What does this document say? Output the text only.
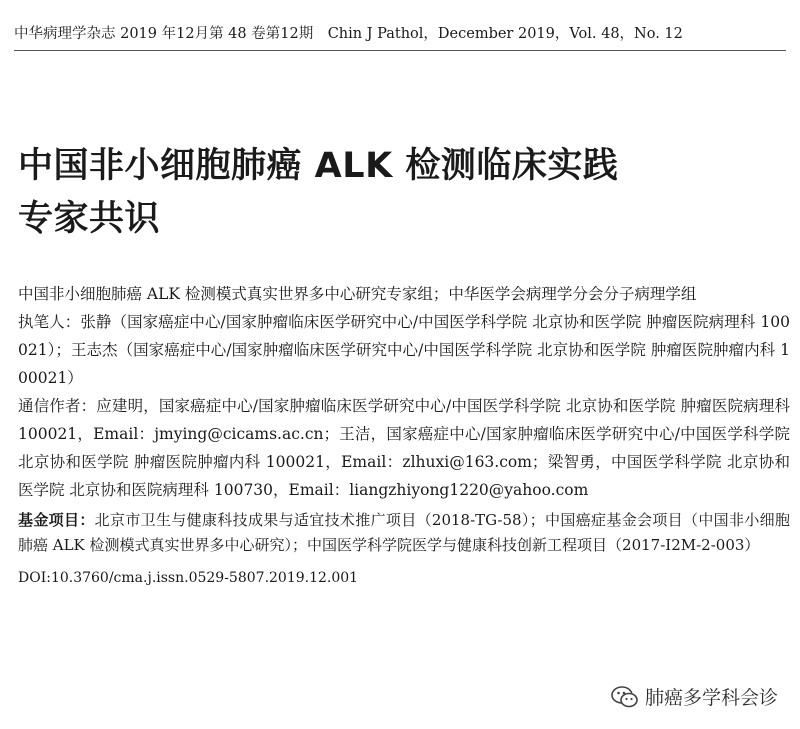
中华病理学杂志 2019 年12月第 48 卷第12期　Chin J Pathol，December 2019，Vol. 48，No. 12
中国非小细胞肺癌 ALK 检测临床实践
专家共识
中国非小细胞肺癌 ALK 检测模式真实世界多中心研究专家组；中华医学会病理学分会分子病理学组
执笔人：张静（国家癌症中心/国家肿瘤临床医学研究中心/中国医学科学院 北京协和医学院 肿瘤医院病理科 100021）；王志杰（国家癌症中心/国家肿瘤临床医学研究中心/中国医学科学院 北京协和医学院 肿瘤医院肿瘤内科 100021）
通信作者：应建明，国家癌症中心/国家肿瘤临床医学研究中心/中国医学科学院 北京协和医学院 肿瘤医院病理科 100021，Email：jmying@cicams.ac.cn；王洁，国家癌症中心/国家肿瘤临床医学研究中心/中国医学科学院 北京协和医学院 肿瘤医院肿瘤内科 100021，Email：zlhuxi@163.com；梁智勇，中国医学科学院 北京协和医学院 北京协和医院病理科 100730，Email：liangzhiyong1220@yahoo.com
基金项目：北京市卫生与健康科技成果与适宜技术推广项目（2018-TG-58）；中国癌症基金会项目（中国非小细胞肺癌 ALK 检测模式真实世界多中心研究）；中国医学科学院医学与健康科技创新工程项目（2017-I2M-2-003）
DOI:10.3760/cma.j.issn.0529-5807.2019.12.001
肺癌多学科会诊
